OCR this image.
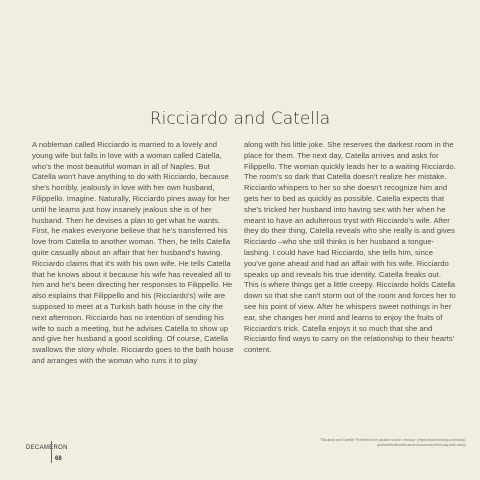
Ricciardo and Catella
A nobleman called Ricciardo is married to a lovely and young wife but falls in love with a woman called Catella, who's the most beautiful woman in all of Naples. But Catella won't have anything to do with Ricciardo, because she's horribly, jealously in love with her own husband, Filippello. Imagine. Naturally, Ricciardo pines away for her until he learns just how insanely jealous she is of her husband. Then he devises a plan to get what he wants. First, he makes everyone believe that he's transferred his love from Catella to another woman. Then, he tells Catella quite casually about an affair that her husband's having. Ricciardo claims that it's with his own wife. He tells Catella that he knows about it because his wife has revealed all to him and he's been directing her responses to Filippello. He also explains that Filippello and his (Ricciardo's) wife are supposed to meet at a Turkish bath house in the city the next afternoon. Ricciardo has no intention of sending his wife to such a meeting, but he advises Catella to show up and give her husband a good scolding. Of course, Catella swallows the story whole. Ricciardo goes to the bath house and arranges with the woman who runs it to play
along with his little joke. She reserves the darkest room in the place for them. The next day, Catella arrives and asks for Filippello. The woman quickly leads her to a waiting Ricciardo. The room's so dark that Catella doesn't realize her mistake. Ricciardo whispers to her so she doesn't recognize him and gets her to bed as quickly as possible. Catella expects that she's tricked her husband into having sex with her when he meant to have an adulterous tryst with Ricciardo's wife. After they do their thing, Catella reveals who she really is and gives Ricciardo –who she still thinks is her husband a tongue-lashing. I could have had Ricciardo, she tells him, since you've gone ahead and had an affair with his wife. Ricciardo speaks up and reveals his true identity. Catella freaks out. This is where things get a little creepy. Ricciardo holds Catella down so that she can't storm out of the room and forces her to see his point of view. After he whispers sweet nothings in her ear, she changes her mind and learns to enjoy the fruits of Ricciardo's trick. Catella enjoys it so much that she and Ricciardo find ways to carry on the relationship to their hearts' content.
"Ricciardo and Catella" Retrieved from parable source, shmoop: (https://www.shmoop.com/study-guides/literature/decameron/summary/third-day-sixth-story)
DECAMERON
68
